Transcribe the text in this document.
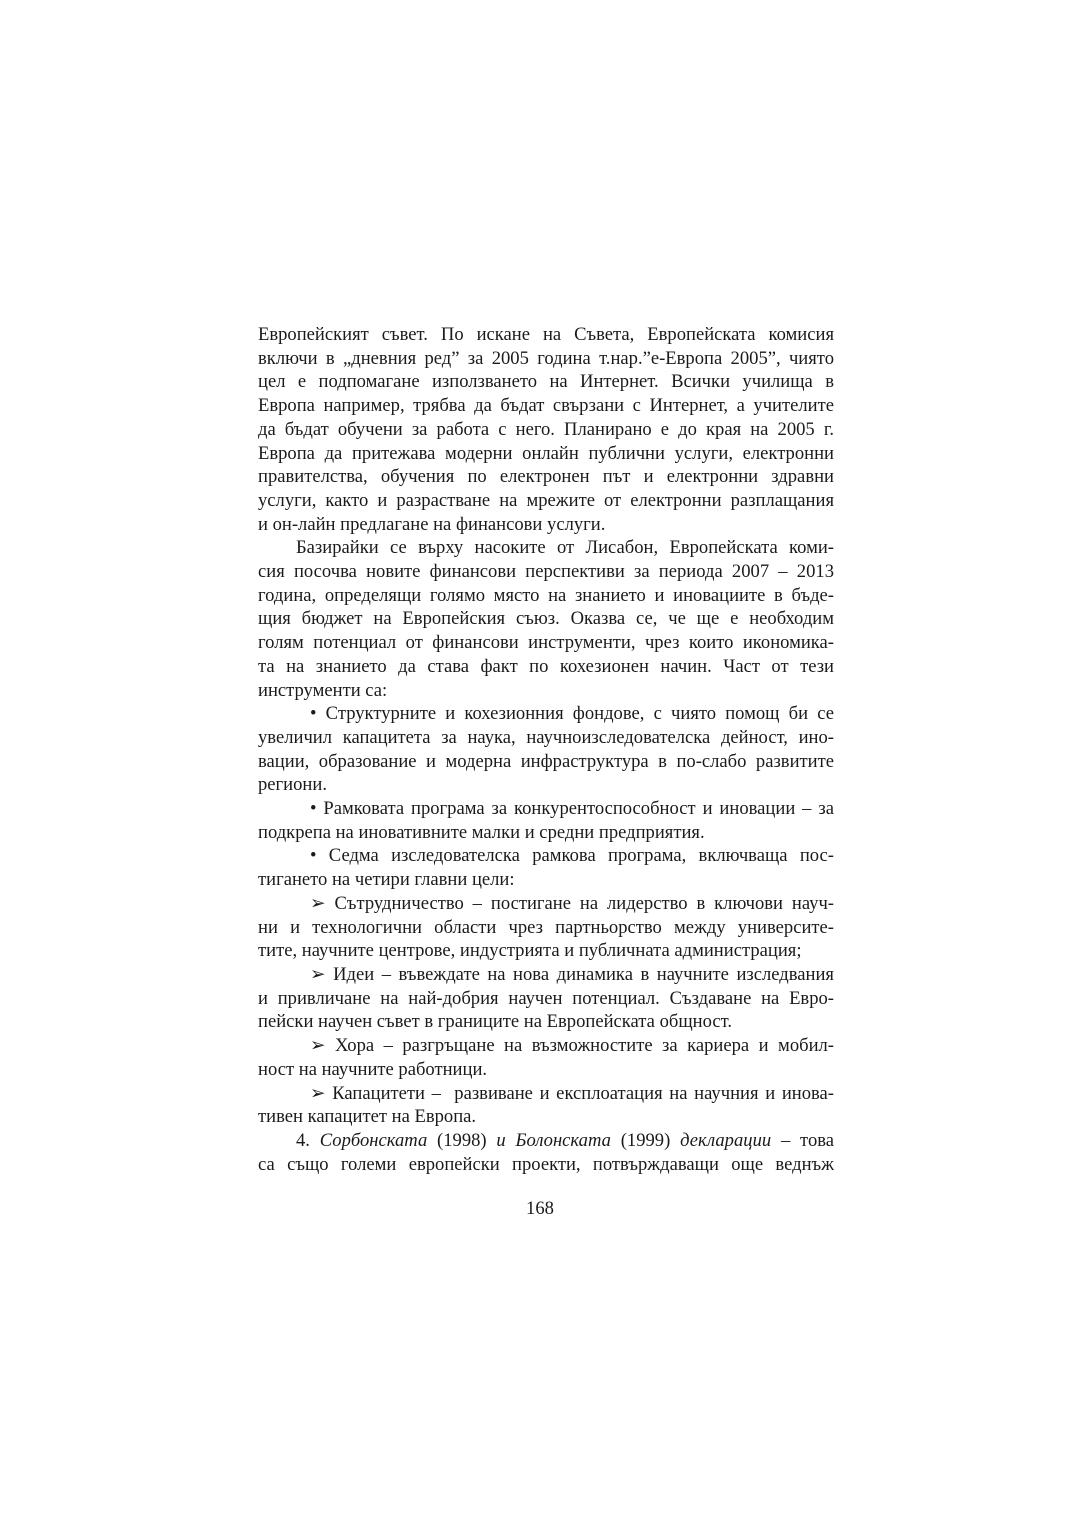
Европейският съвет. По искане на Съвета, Европейската комисия
включи в „дневния ред” за 2005 година т.нар.”е-Европа 2005”, чиято
цел е подпомагане използването на Интернет. Всички училища в
Европа например, трябва да бъдат свързани с Интернет, а учителите
да бъдат обучени за работа с него. Планирано е до края на 2005 г.
Европа да притежава модерни онлайн публични услуги, електронни
правителства, обучения по електронен път и електронни здравни
услуги, както и разрастване на мрежите от електронни разплащания
и он-лайн предлагане на финансови услуги.
Базирайки се върху насоките от Лисабон, Европейската коми-
сия посочва новите финансови перспективи за периода 2007 – 2013
година, определящи голямо място на знанието и иновациите в бъде-
щия бюджет на Европейския съюз. Оказва се, че ще е необходим
голям потенциал от финансови инструменти, чрез които икономика-
та на знанието да става факт по кохезионен начин. Част от тези
инструменти са:
• Структурните и кохезионния фондове, с чиято помощ би се
увеличил капацитета за наука, научноизследователска дейност, ино-
вации, образование и модерна инфраструктура в по-слабо развитите
региони.
• Рамковата програма за конкурентоспособност и иновации – за
подкрепа на иновативните малки и средни предприятия.
• Седма изследователска рамкова програма, включваща пос-
тигането на четири главни цели:
➢ Сътрудничество – постигане на лидерство в ключови науч-
ни и технологични области чрез партньорство между университе-
тите, научните центрове, индустрията и публичната администрация;
➢ Идеи – въвеждате на нова динамика в научните изследвания
и привличане на най-добрия научен потенциал. Създаване на Евро-
пейски научен съвет в границите на Европейската общност.
➢ Хора – разгръщане на възможностите за кариера и мобил-
ност на научните работници.
➢ Капацитети –  развиване и експлоатация на научния и инова-
тивен капацитет на Европа.
4. Сорбонската (1998) и Болонската (1999) декларации – това
са също големи европейски проекти, потвърждаващи още веднъж
168
